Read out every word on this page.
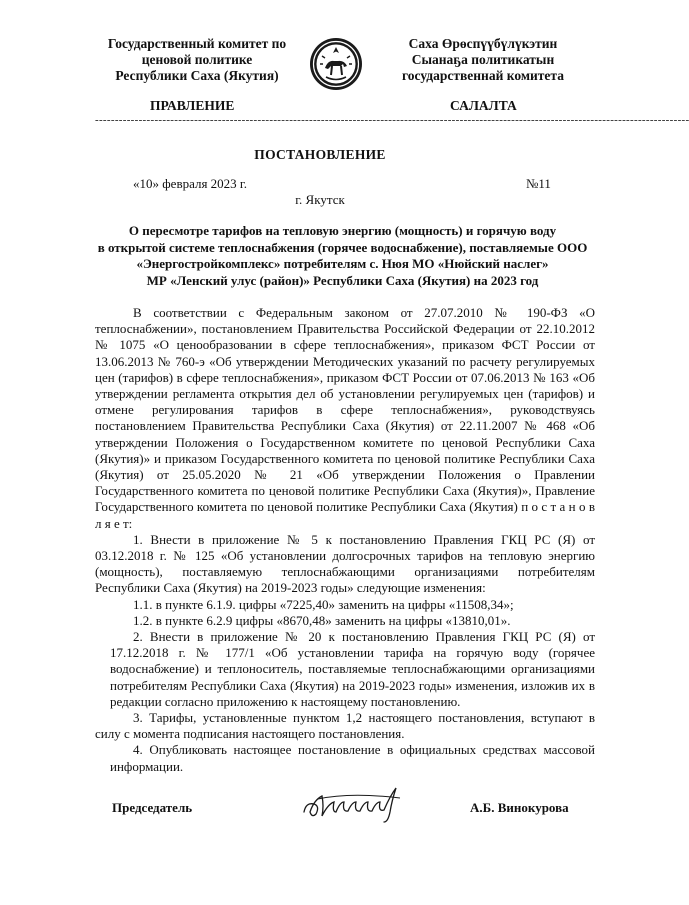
Государственный комитет по
ценовой политике
Республики Саха (Якутия)
Саха Өрөспүүбүлүкэтин
Сыанаҕа политикатын
государственнай комитета
ПРАВЛЕНИЕ	САЛАЛТА
------------------------------------------------------------------------------------------------------------------------------------------------------
ПОСТАНОВЛЕНИЕ
«10» февраля 2023 г.	№11
г. Якутск
О пересмотре тарифов на тепловую энергию (мощность) и горячую воду
в открытой системе теплоснабжения (горячее водоснабжение), поставляемые ООО
«Энергостройкомплекс» потребителям с. Нюя МО «Нюйский наслег»
МР «Ленский улус (район)» Республики Саха (Якутия) на 2023 год

В соответствии с Федеральным законом от 27.07.2010 № 190-ФЗ «О теплоснабжении», постановлением Правительства Российской Федерации от 22.10.2012 № 1075 «О ценообразовании в сфере теплоснабжения», приказом ФСТ России от 13.06.2013 № 760-э «Об утверждении Методических указаний по расчету регулируемых цен (тарифов) в сфере теплоснабжения», приказом ФСТ России от 07.06.2013 № 163 «Об утверждении регламента открытия дел об установлении регулируемых цен (тарифов) и отмене регулирования тарифов в сфере теплоснабжения», руководствуясь постановлением Правительства Республики Саха (Якутия) от 22.11.2007 № 468 «Об утверждении Положения о Государственном комитете по ценовой Республики Саха (Якутия)» и приказом Государственного комитета по ценовой политике Республики Саха (Якутия) от 25.05.2020 № 21 «Об утверждении Положения о Правлении Государственного комитета по ценовой политике Республики Саха (Якутия)», Правление Государственного комитета по ценовой политике Республики Саха (Якутия) п о с т а н о в л я е т:

1. Внести в приложение № 5 к постановлению Правления ГКЦ РС (Я) от 03.12.2018 г. № 125 «Об установлении долгосрочных тарифов на тепловую энергию (мощность), поставляемую теплоснабжающими организациями потребителям Республики Саха (Якутия) на 2019-2023 годы» следующие изменения:

1.1. в пункте 6.1.9. цифры «7225,40» заменить на цифры «11508,34»;

1.2. в пункте 6.2.9 цифры «8670,48» заменить на цифры «13810,01».

2. Внести в приложение № 20 к постановлению Правления ГКЦ РС (Я) от 17.12.2018 г. № 177/1 «Об установлении тарифа на горячую воду (горячее водоснабжение) и теплоноситель, поставляемые теплоснабжающими организациями потребителям Республики Саха (Якутия) на 2019-2023 годы» изменения, изложив их в редакции согласно приложению к настоящему постановлению.

3. Тарифы, установленные пунктом 1,2 настоящего постановления, вступают в силу с момента подписания настоящего постановления.

4. Опубликовать настоящее постановление в официальных средствах массовой информации.

Председатель	А.Б. Винокурова
